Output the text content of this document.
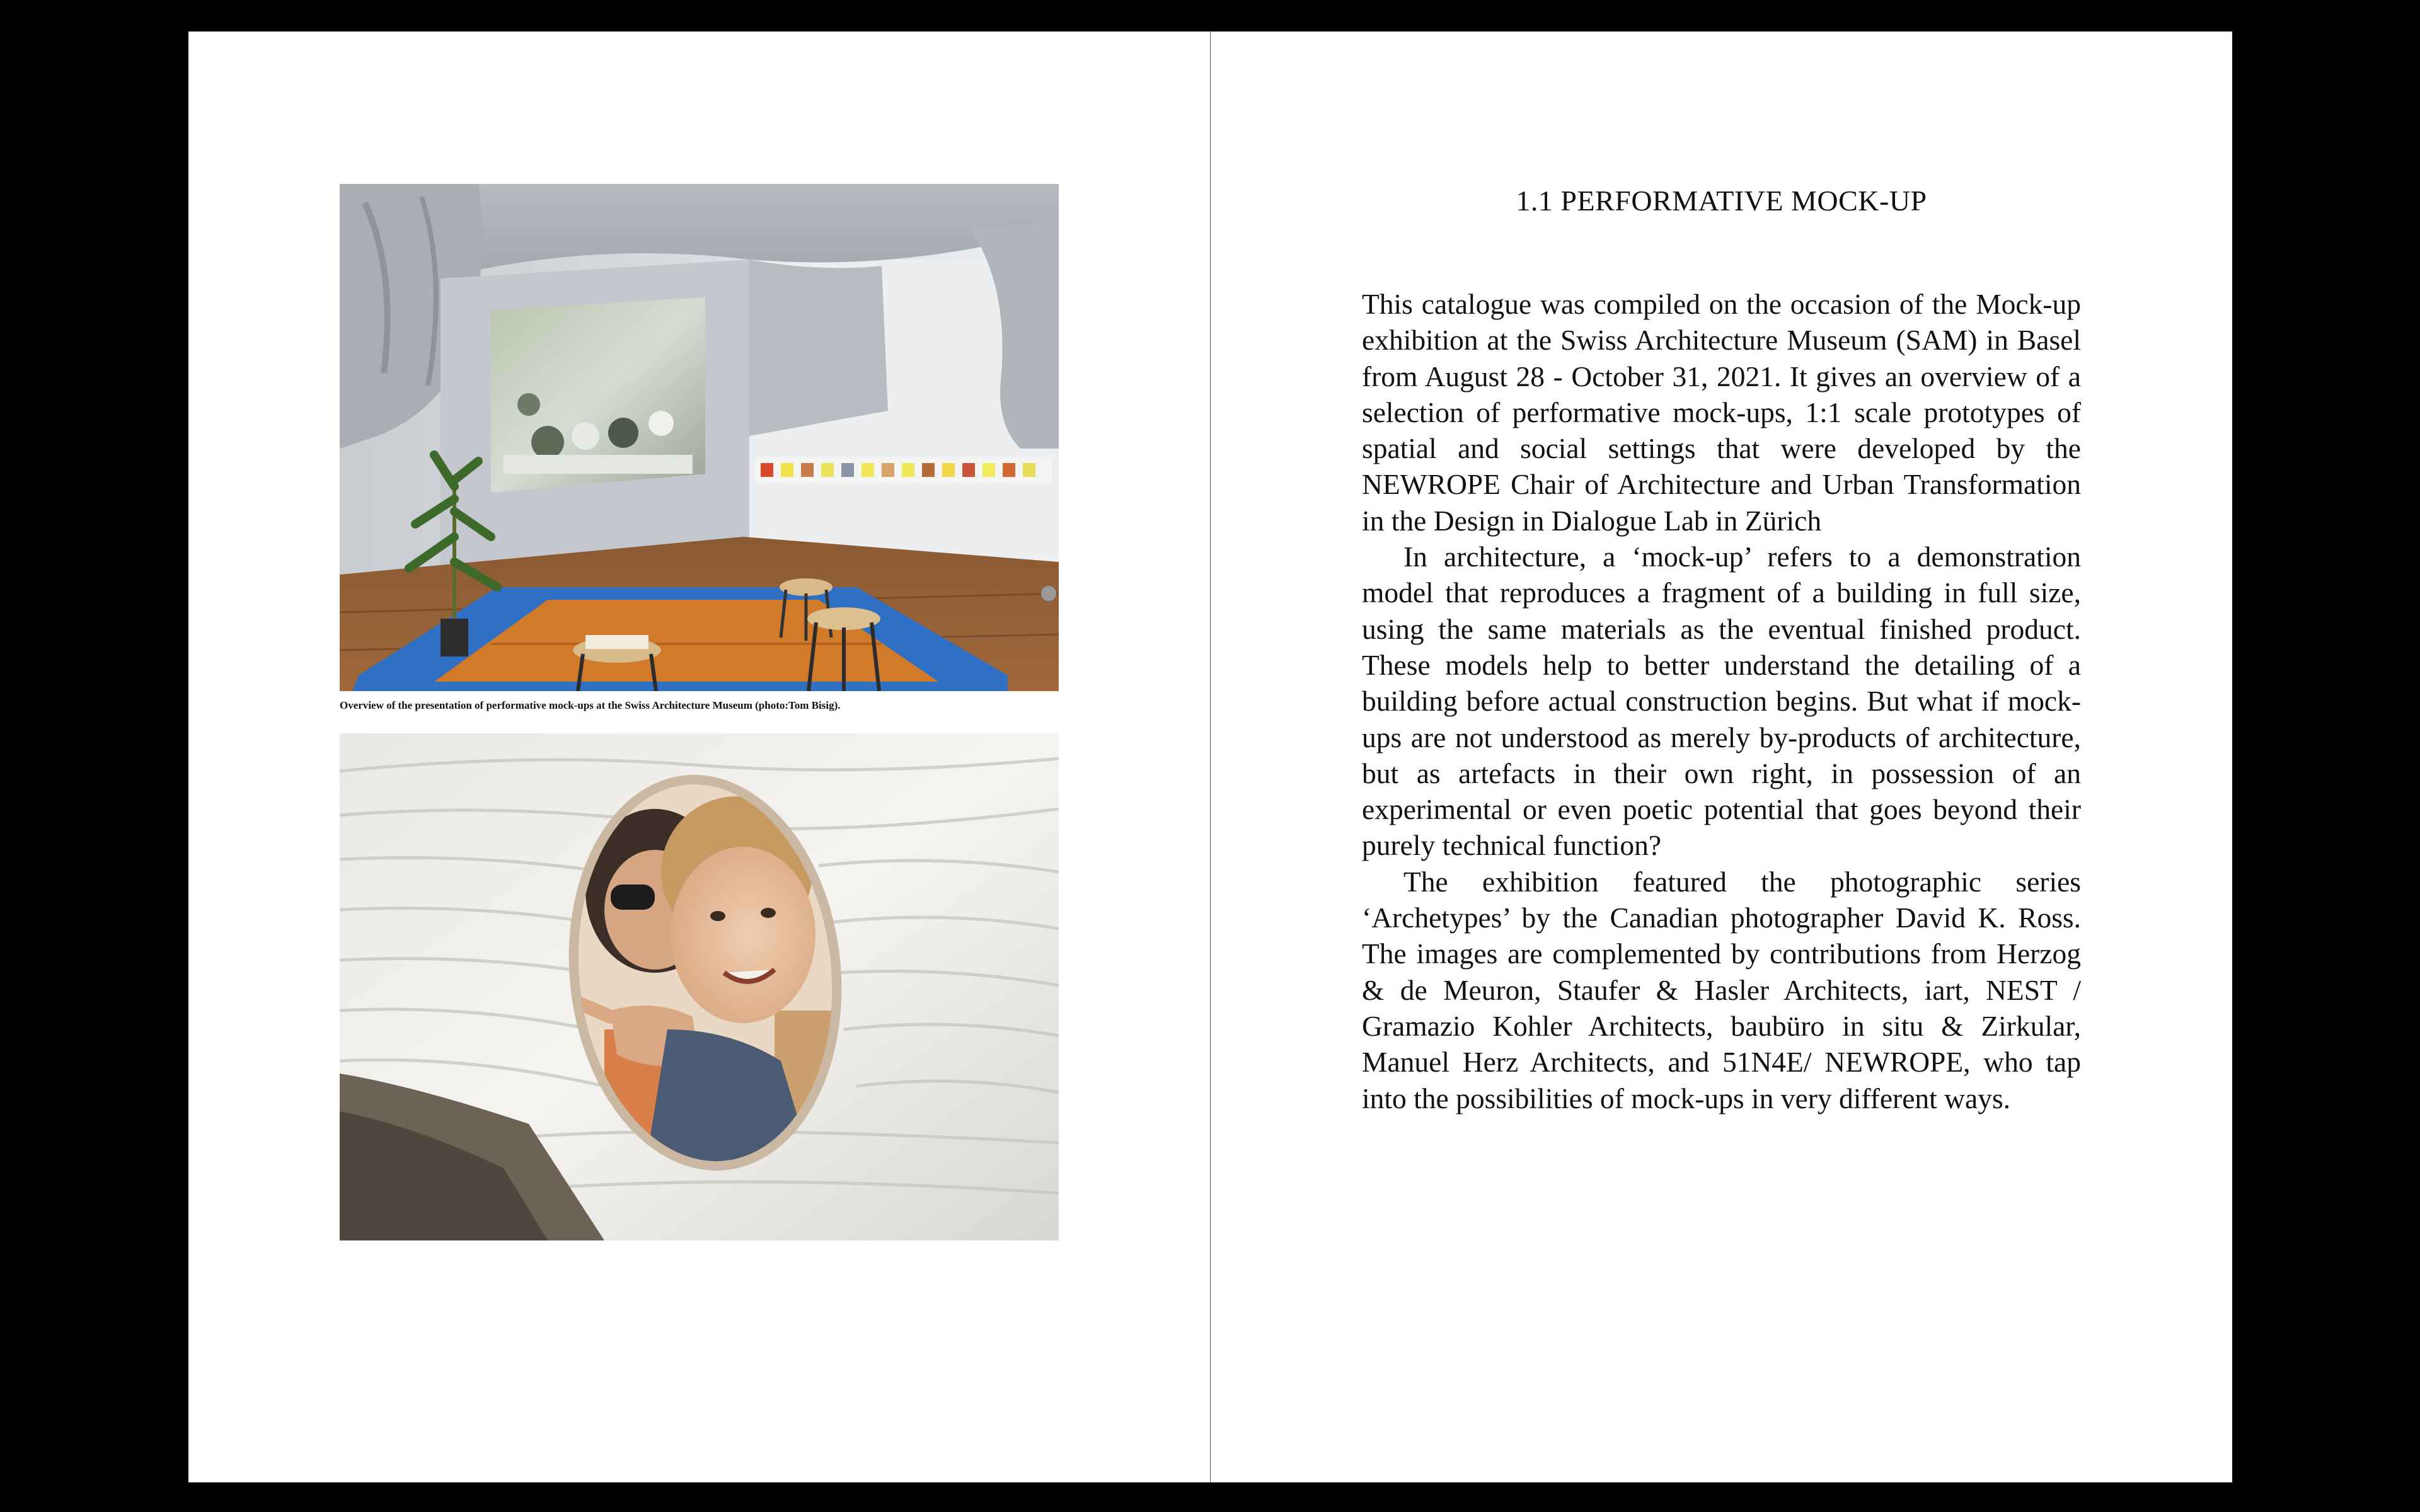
Overview of the presentation of performative mock-ups at the Swiss Architecture Museum (photo:Tom Bisig).
1.1 PERFORMATIVE MOCK-UP

This catalogue was compiled on the occasion of the Mock-up exhibition at the Swiss Architecture Museum (SAM) in Basel from August 28 - October 31, 2021. It gives an overview of a selection of performative mock-ups, 1:1 scale prototypes of spatial and social settings that were developed by the NEWROPE Chair of Architecture and Urban Transformation in the Design in Dialogue Lab in Zürich

In architecture, a ‘mock-up’ refers to a demonstration model that reproduces a fragment of a building in full size, using the same materials as the eventual finished product. These models help to better understand the detailing of a building before actual construction begins. But what if mock-ups are not understood as merely by-products of architecture, but as artefacts in their own right, in possession of an experimental or even poetic potential that goes beyond their purely technical function?

The exhibition featured the photographic series ‘Archetypes’ by the Canadian photographer David K. Ross. The images are complemented by contributions from Herzog & de Meuron, Staufer & Hasler Architects, iart, NEST / Gramazio Kohler Architects, baubüro in situ & Zirkular, Manuel Herz Architects, and 51N4E/ NEWROPE, who tap into the possibilities of mock-ups in very different ways.
